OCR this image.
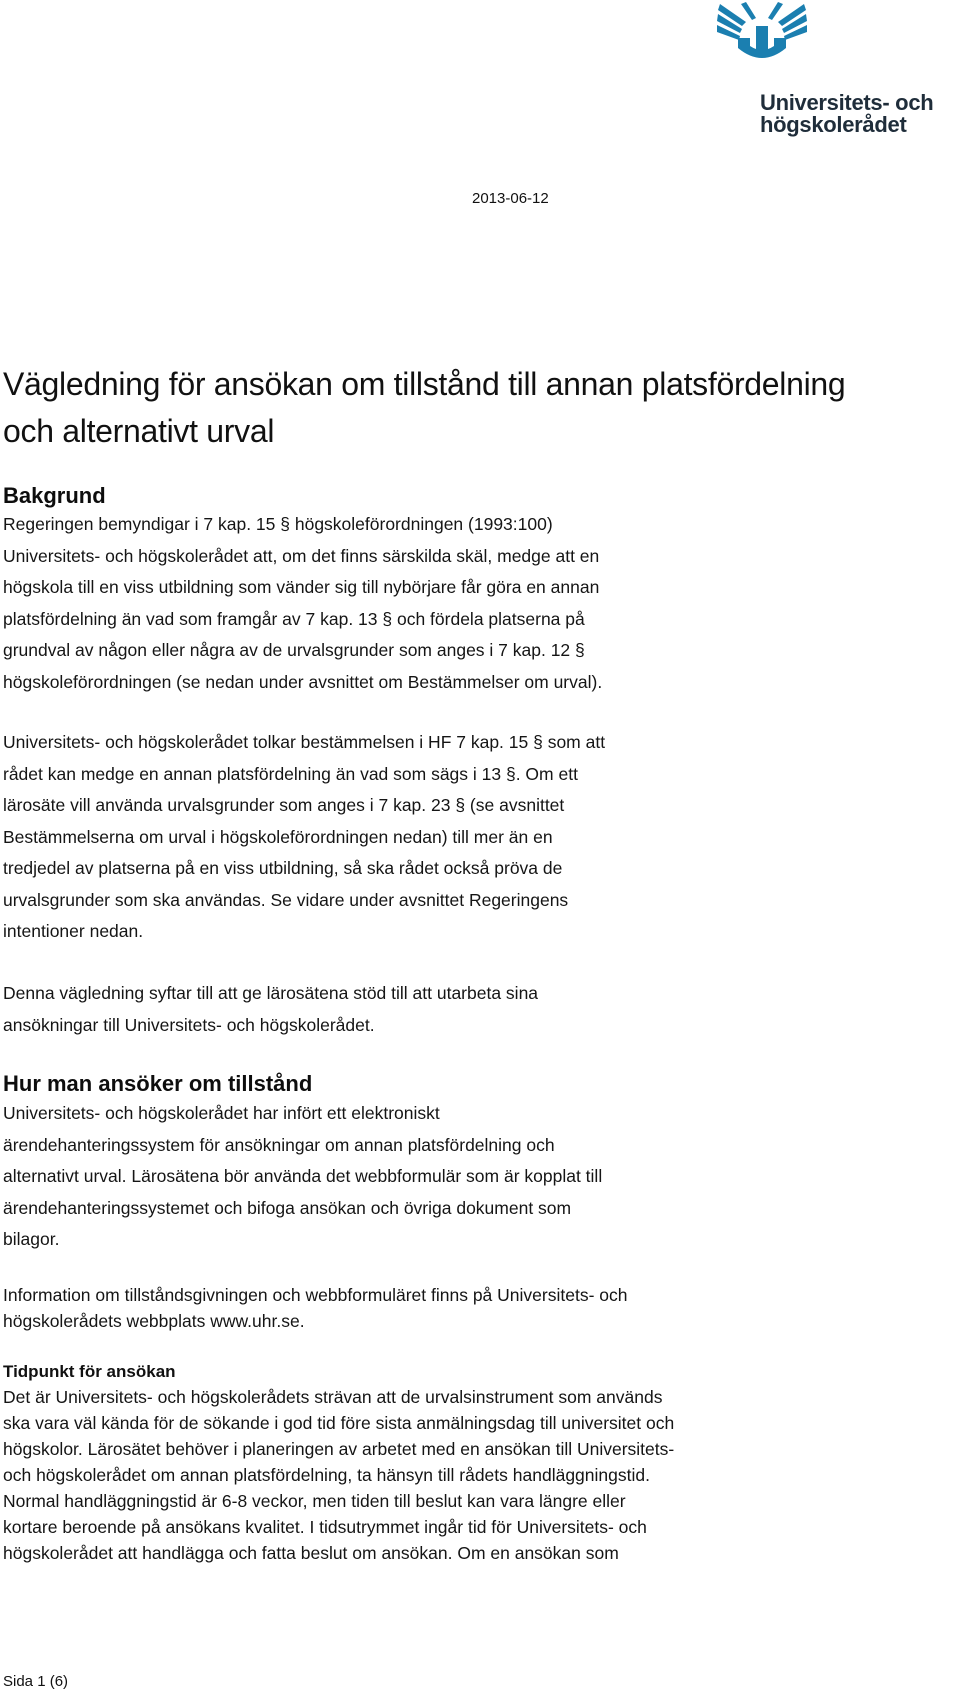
Universitets- och
högskolerådet
2013-06-12
Vägledning för ansökan om tillstånd till annan platsfördelning och alternativt urval
Bakgrund
Regeringen bemyndigar i 7 kap. 15 § högskoleförordningen (1993:100)
Universitets- och högskolerådet att, om det finns särskilda skäl, medge att en
högskola till en viss utbildning som vänder sig till nybörjare får göra en annan
platsfördelning än vad som framgår av 7 kap. 13 § och fördela platserna på
grundval av någon eller några av de urvalsgrunder som anges i 7 kap. 12 §
högskoleförordningen (se nedan under avsnittet om Bestämmelser om urval).
Universitets- och högskolerådet tolkar bestämmelsen i HF 7 kap. 15 § som att
rådet kan medge en annan platsfördelning än vad som sägs i 13 §. Om ett
lärosäte vill använda urvalsgrunder som anges i 7 kap. 23 § (se avsnittet
Bestämmelserna om urval i högskoleförordningen nedan) till mer än en
tredjedel av platserna på en viss utbildning, så ska rådet också pröva de
urvalsgrunder som ska användas. Se vidare under avsnittet Regeringens
intentioner nedan.
Denna vägledning syftar till att ge lärosätena stöd till att utarbeta sina
ansökningar till Universitets- och högskolerådet.
Hur man ansöker om tillstånd
Universitets- och högskolerådet har infört ett elektroniskt
ärendehanteringssystem för ansökningar om annan platsfördelning och
alternativt urval. Lärosätena bör använda det webbformulär som är kopplat till
ärendehanteringssystemet och bifoga ansökan och övriga dokument som
bilagor.
Information om tillståndsgivningen och webbformuläret finns på Universitets- och
högskolerådets webbplats www.uhr.se.
Tidpunkt för ansökan
Det är Universitets- och högskolerådets strävan att de urvalsinstrument som används
ska vara väl kända för de sökande i god tid före sista anmälningsdag till universitet och
högskolor. Lärosätet behöver i planeringen av arbetet med en ansökan till Universitets-
och högskolerådet om annan platsfördelning, ta hänsyn till rådets handläggningstid.
Normal handläggningstid är 6-8 veckor, men tiden till beslut kan vara längre eller
kortare beroende på ansökans kvalitet. I tidsutrymmet ingår tid för Universitets- och
högskolerådet att handlägga och fatta beslut om ansökan. Om en ansökan som
Sida 1 (6)
